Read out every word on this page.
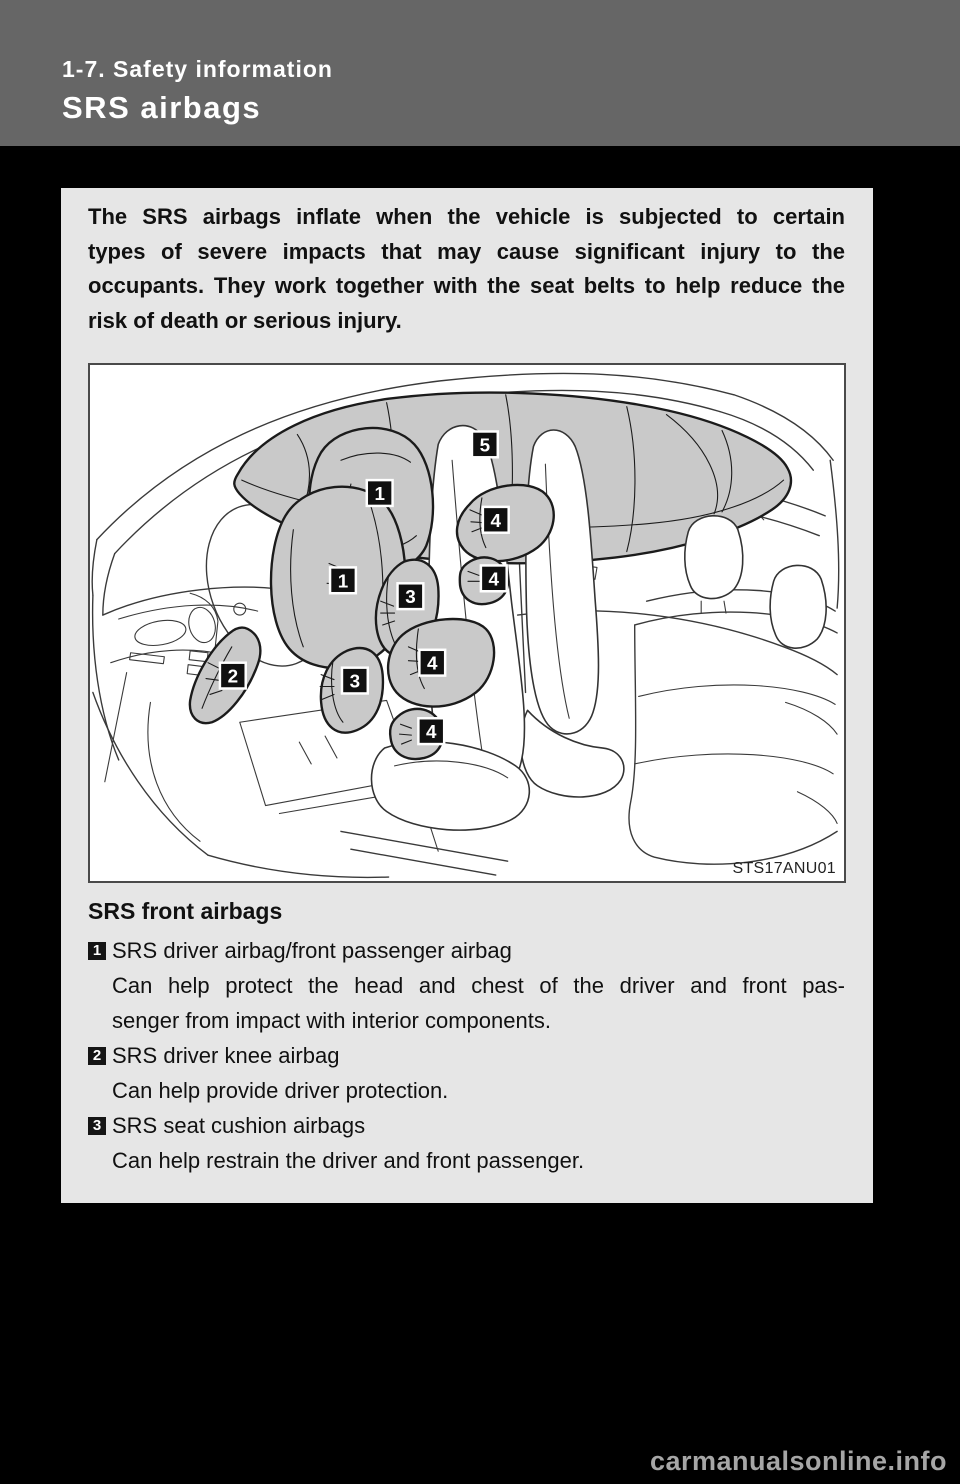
1-7. Safety information
SRS airbags
The SRS airbags inflate when the vehicle is subjected to certain
types of severe impacts that may cause significant injury to the
occupants. They work together with the seat belts to help reduce the
risk of death or serious injury.
5
1
4
1	4
3
4
2	3
4
STS17ANU01
SRS front airbags
1 SRS driver airbag/front passenger airbag
Can help protect the head and chest of the driver and front pas-
senger from impact with interior components.
2 SRS driver knee airbag
Can help provide driver protection.
3 SRS seat cushion airbags
Can help restrain the driver and front passenger.
carmanualsonline.info
